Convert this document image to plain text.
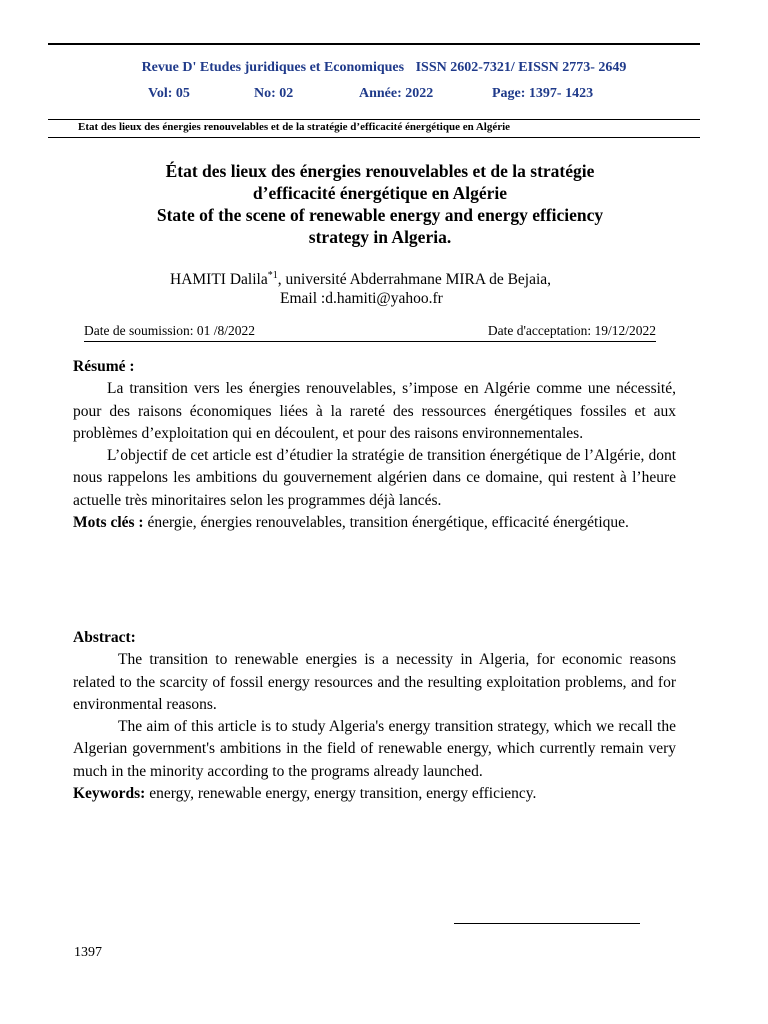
Revue D' Etudes juridiques et Economiques ISSN 2602-7321/ EISSN 2773- 2649
Vol: 05	No: 02	Année: 2022	Page: 1397- 1423
Etat des lieux des énergies renouvelables et de la stratégie d’efficacité énergétique en Algérie
État des lieux des énergies renouvelables et de la stratégie
d’efficacité énergétique en Algérie
State of the scene of renewable energy and energy efficiency
strategy in Algeria.
HAMITI Dalila$^{*1}$, université Abderrahmane MIRA de Bejaia,
Email :d.hamiti@yahoo.fr
Date de soumission: 01 /8/2022	Date d'acceptation: 19/12/2022
Résumé :

La transition vers les énergies renouvelables, s’impose en Algérie comme une nécessité, pour des raisons économiques liées à la rareté des ressources énergétiques fossiles et aux problèmes d’exploitation qui en découlent, et pour des raisons environnementales.

L’objectif de cet article est d’étudier la stratégie de transition énergétique de l’Algérie, dont nous rappelons les ambitions du gouvernement algérien dans ce domaine, qui restent à l’heure actuelle très minoritaires selon les programmes déjà lancés.

Mots clés : énergie, énergies renouvelables, transition énergétique, efficacité énergétique.
Abstract:

The transition to renewable energies is a necessity in Algeria, for economic reasons related to the scarcity of fossil energy resources and the resulting exploitation problems, and for environmental reasons.

The aim of this article is to study Algeria's energy transition strategy, which we recall the Algerian government's ambitions in the field of renewable energy, which currently remain very much in the minority according to the programs already launched.

Keywords: energy, renewable energy, energy transition, energy efficiency.
1397
